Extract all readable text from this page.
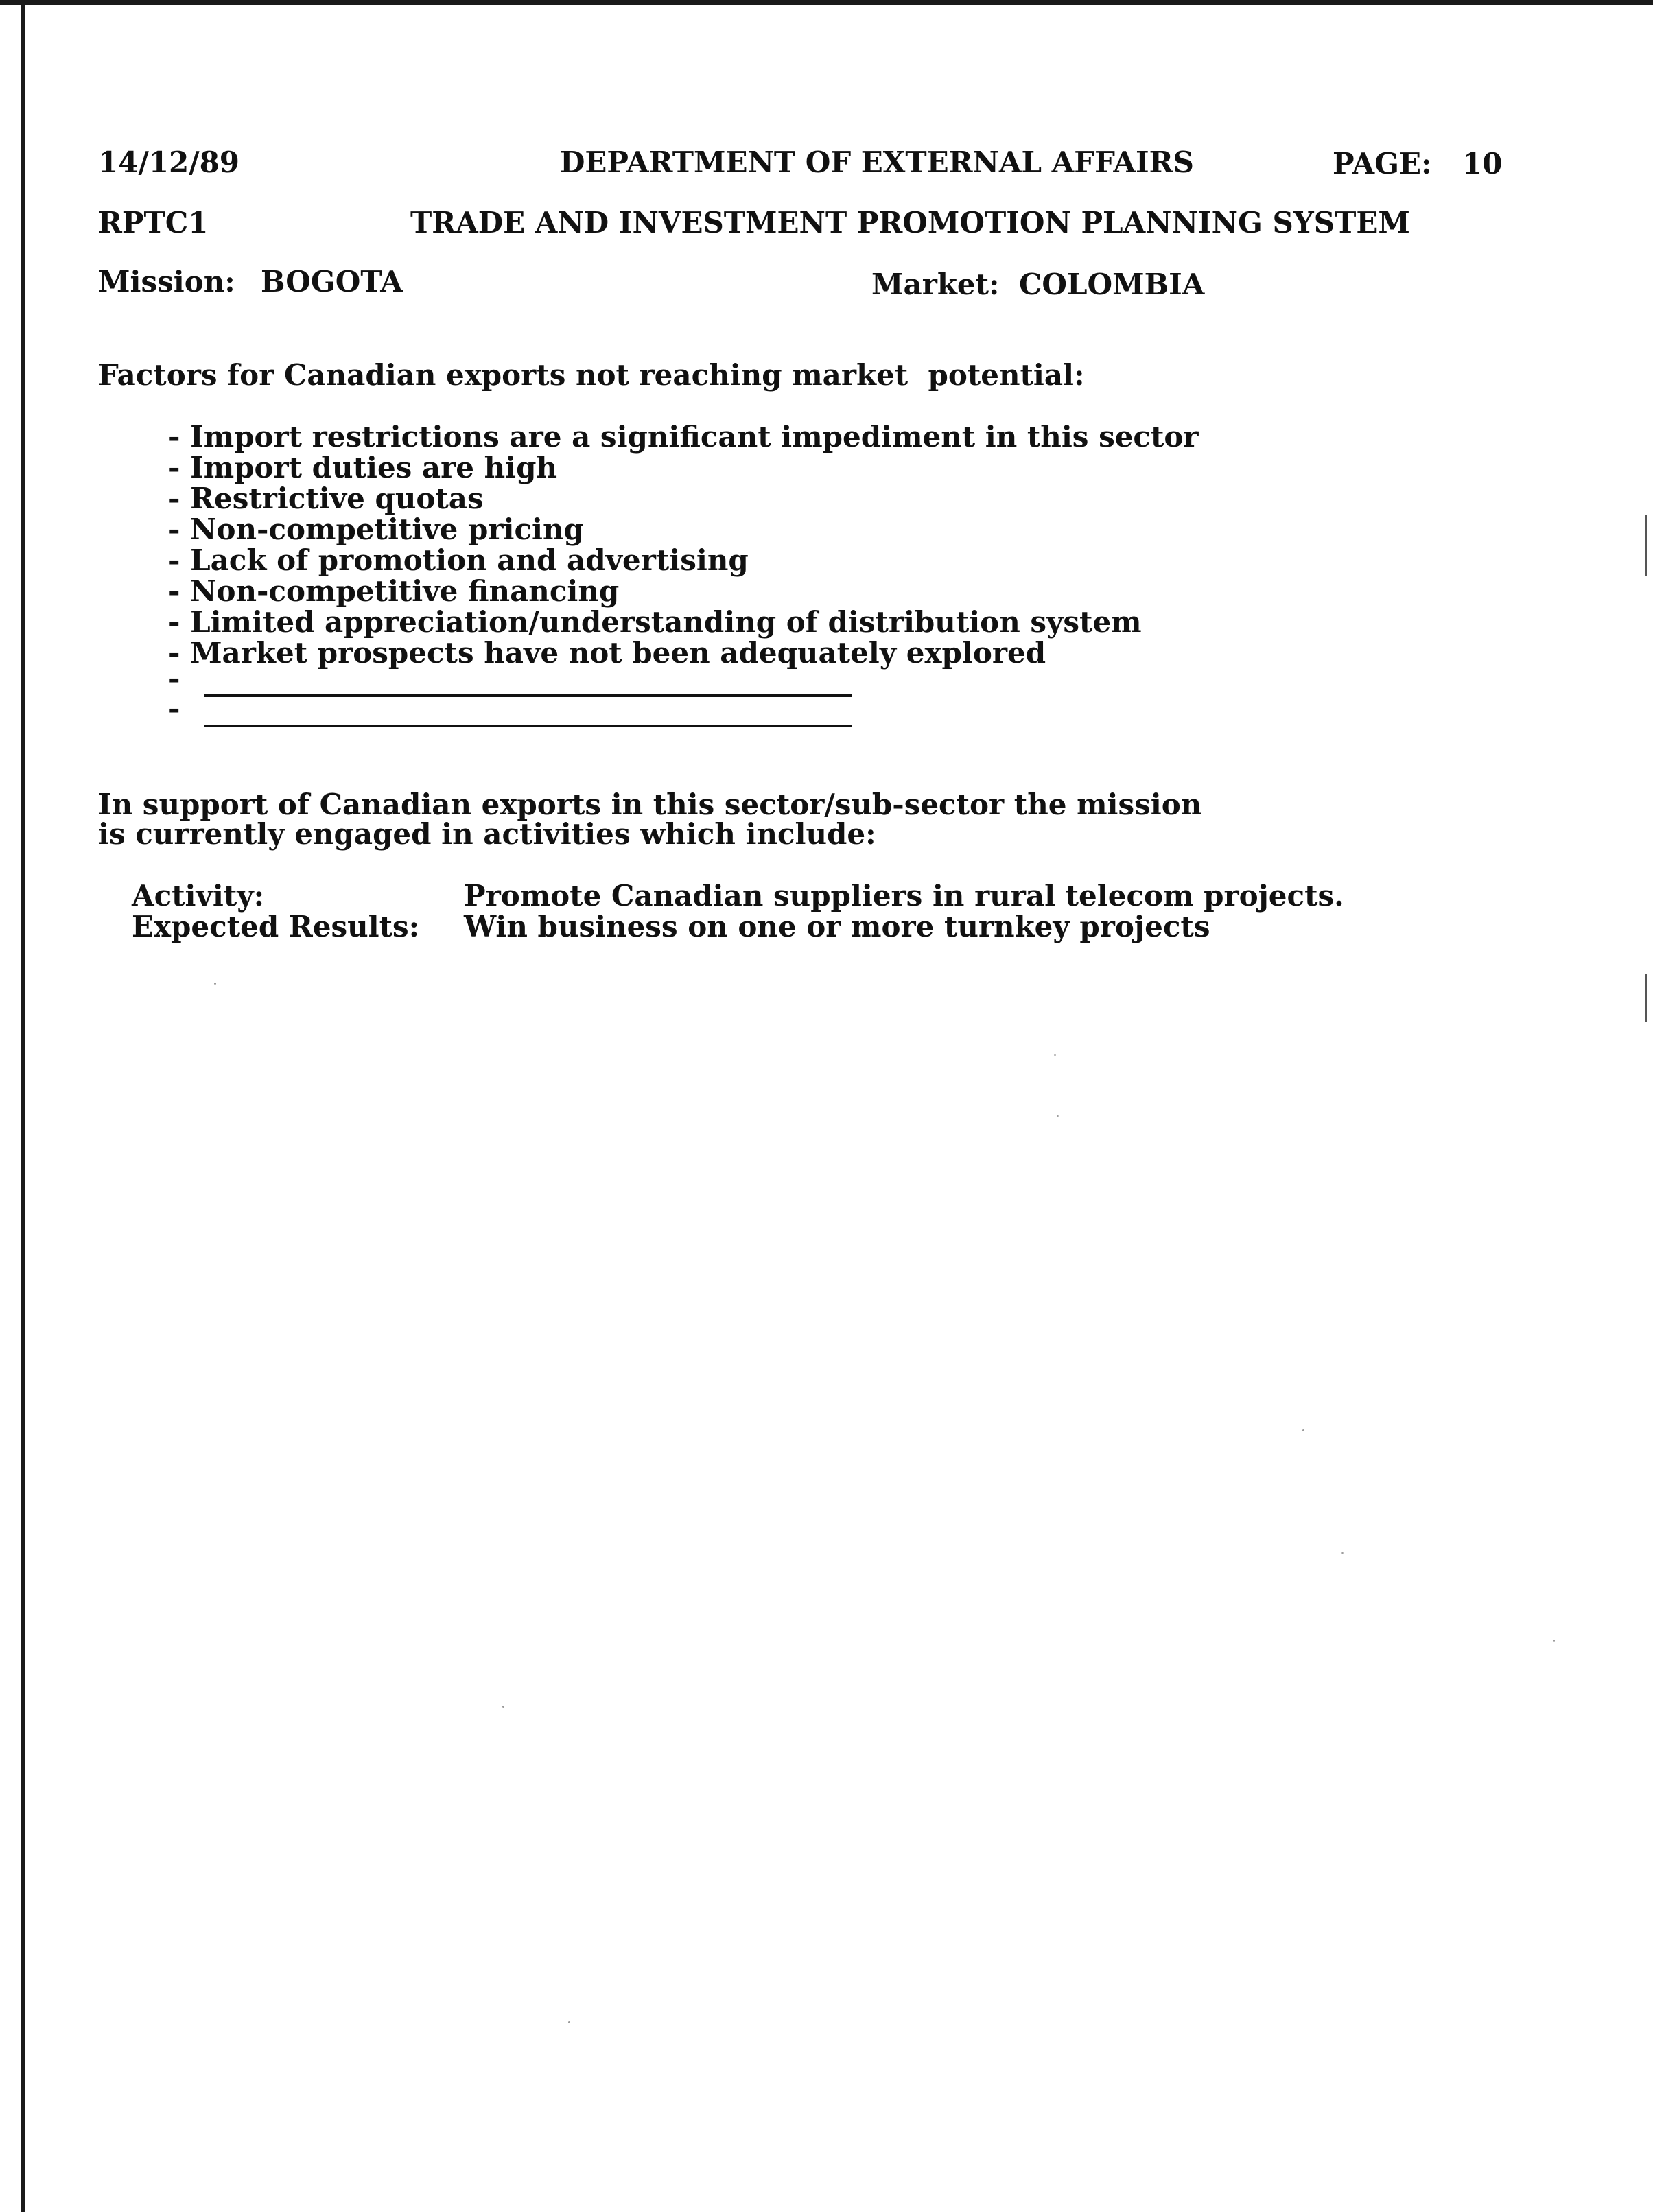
14/12/89	DEPARTMENT OF EXTERNAL AFFAIRS	PAGE: 10
RPTC1	TRADE AND INVESTMENT PROMOTION PLANNING SYSTEM
Mission: BOGOTA	Market: COLOMBIA
Factors for Canadian exports not reaching market  potential:
- Import restrictions are a significant impediment in this sector
- Import duties are high
- Restrictive quotas
- Non-competitive pricing
- Lack of promotion and advertising
- Non-competitive financing
- Limited appreciation/understanding of distribution system
- Market prospects have not been adequately explored
-
-
In support of Canadian exports in this sector/sub-sector the mission
is currently engaged in activities which include:
Activity:	Promote Canadian suppliers in rural telecom projects.
Expected Results: Win business on one or more turnkey projects
